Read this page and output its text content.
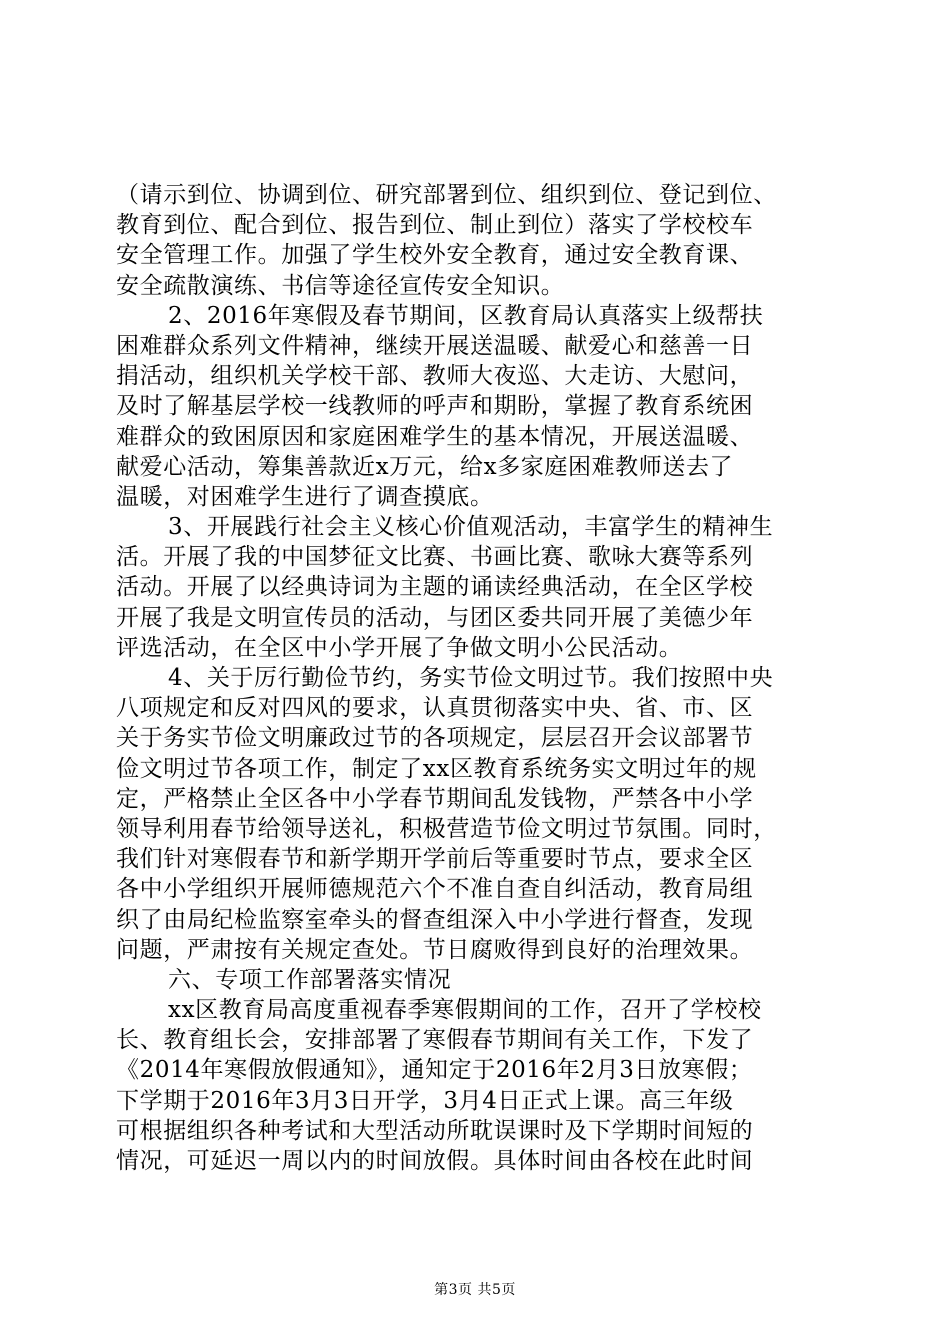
（请示到位、协调到位、研究部署到位、组织到位、登记到位、
教育到位、配合到位、报告到位、制止到位）落实了学校校车
安全管理工作。加强了学生校外安全教育，通过安全教育课、
安全疏散演练、书信等途径宣传安全知识。
2、2016年寒假及春节期间，区教育局认真落实上级帮扶
困难群众系列文件精神，继续开展送温暖、献爱心和慈善一日
捐活动，组织机关学校干部、教师大夜巡、大走访、大慰问，
及时了解基层学校一线教师的呼声和期盼，掌握了教育系统困
难群众的致困原因和家庭困难学生的基本情况，开展送温暖、
献爱心活动，筹集善款近x万元，给x多家庭困难教师送去了
温暖，对困难学生进行了调查摸底。
3、开展践行社会主义核心价值观活动，丰富学生的精神生
活。开展了我的中国梦征文比赛、书画比赛、歌咏大赛等系列
活动。开展了以经典诗词为主题的诵读经典活动，在全区学校
开展了我是文明宣传员的活动，与团区委共同开展了美德少年
评选活动，在全区中小学开展了争做文明小公民活动。
4、关于厉行勤俭节约，务实节俭文明过节。我们按照中央
八项规定和反对四风的要求，认真贯彻落实中央、省、市、区
关于务实节俭文明廉政过节的各项规定，层层召开会议部署节
俭文明过节各项工作，制定了xx区教育系统务实文明过年的规
定，严格禁止全区各中小学春节期间乱发钱物，严禁各中小学
领导利用春节给领导送礼，积极营造节俭文明过节氛围。同时，
我们针对寒假春节和新学期开学前后等重要时节点，要求全区
各中小学组织开展师德规范六个不准自查自纠活动，教育局组
织了由局纪检监察室牵头的督查组深入中小学进行督查，发现
问题，严肃按有关规定查处。节日腐败得到良好的治理效果。
六、专项工作部署落实情况
xx区教育局高度重视春季寒假期间的工作，召开了学校校
长、教育组长会，安排部署了寒假春节期间有关工作，下发了
《2014年寒假放假通知》，通知定于2016年2月3日放寒假；
下学期于2016年3月3日开学，3月4日正式上课。高三年级
可根据组织各种考试和大型活动所耽误课时及下学期时间短的
情况，可延迟一周以内的时间放假。具体时间由各校在此时间
第3页 共5页
